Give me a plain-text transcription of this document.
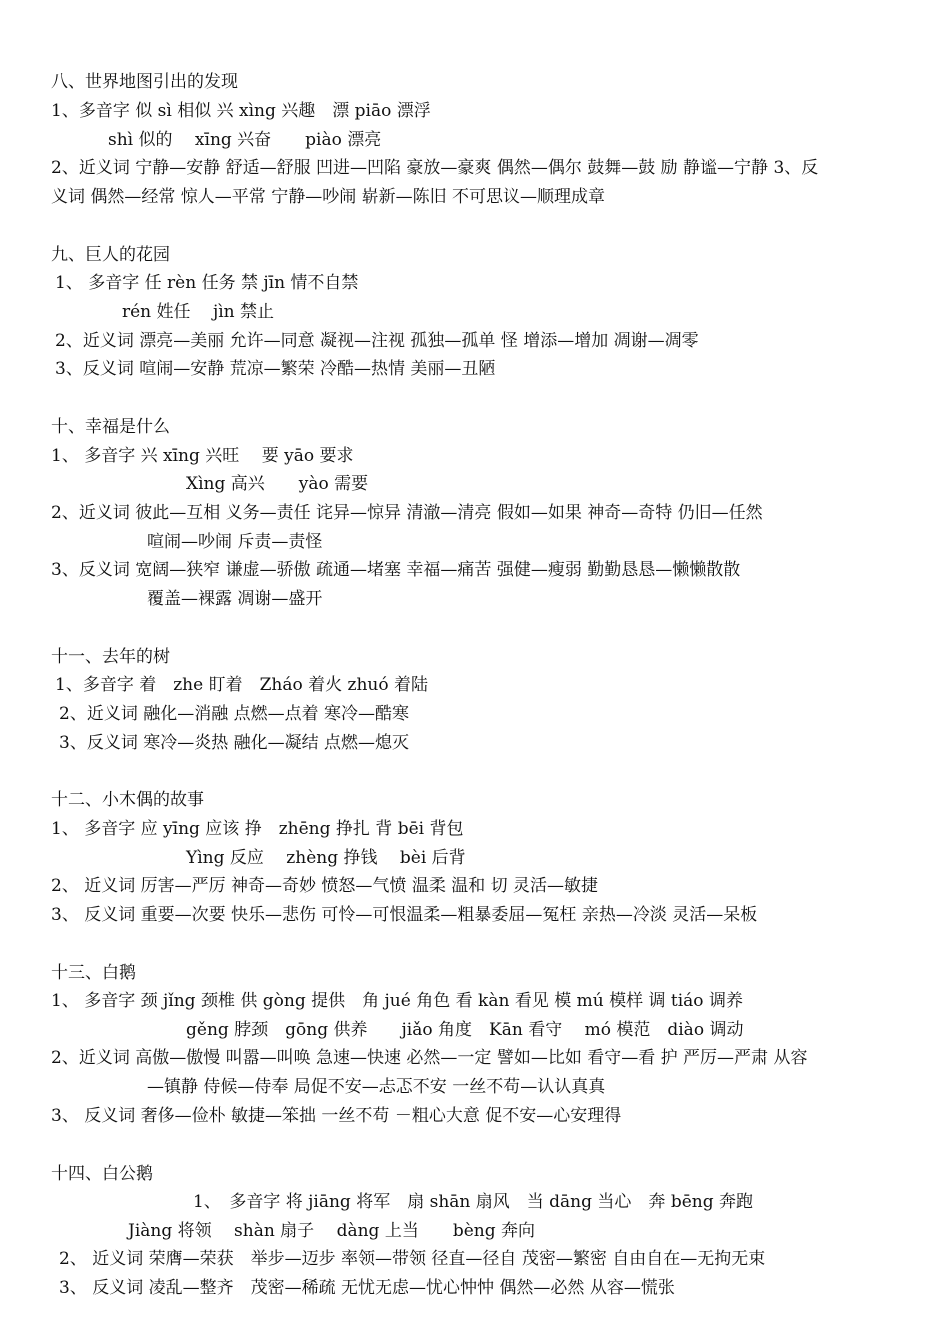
八、世界地图引出的发现

1、多音字 似 sì 相似 兴 xìng 兴趣　漂 piāo 漂浮

shì 似的　 xīng 兴奋　　piào 漂亮

2、近义词 宁静—安静 舒适—舒服 凹进—凹陷 豪放—豪爽 偶然—偶尔 鼓舞—鼓 励 静谧—宁静 3、反

义词 偶然—经常 惊人—平常 宁静—吵闹 崭新—陈旧 不可思议—顺理成章

九、巨人的花园

1、 多音字 任 rèn 任务 禁 jīn 情不自禁

rén 姓任　 jìn 禁止

2、近义词 漂亮—美丽 允许—同意 凝视—注视 孤独—孤单 怪 增添—增加 凋谢—凋零

3、反义词 喧闹—安静 荒凉—繁荣 冷酷—热情 美丽—丑陋

十、幸福是什么

1、 多音字 兴 xīng 兴旺　 要 yāo 要求

Xìng 高兴　　yào 需要

2、近义词 彼此—互相 义务—责任 诧异—惊异 清澈—清亮 假如—如果 神奇—奇特 仍旧—任然

喧闹—吵闹 斥责—责怪

3、反义词 宽阔—狭窄 谦虚—骄傲 疏通—堵塞 幸福—痛苦 强健—瘦弱 勤勤恳恳—懒懒散散

覆盖—裸露 凋谢—盛开

十一、去年的树

1、多音字 着　zhe 盯着　Zháo 着火 zhuó 着陆

2、近义词 融化—消融 点燃—点着 寒冷—酷寒

3、反义词 寒冷—炎热 融化—凝结 点燃—熄灭

十二、小木偶的故事

1、 多音字 应 yīng 应该 挣　zhēng 挣扎 背 bēi 背包

Yìng 反应　 zhèng 挣钱　 bèi 后背

2、 近义词 厉害—严厉 神奇—奇妙 愤怒—气愤 温柔 温和 切 灵活—敏捷

3、 反义词 重要—次要 快乐—悲伤 可怜—可恨温柔—粗暴委屈—冤枉 亲热—冷淡 灵活—呆板

十三、白鹅

1、 多音字 颈 jǐng 颈椎 供 gòng 提供　角 jué 角色 看 kàn 看见 模 mú 模样 调 tiáo 调养

gěng 脖颈　gōng 供养　　jiǎo 角度　Kān 看守　 mó 模范　diào 调动

2、近义词 高傲—傲慢 叫嚣—叫唤 急速—快速 必然—一定 譬如—比如 看守—看 护 严厉—严肃 从容

—镇静 侍候—侍奉 局促不安—忐忑不安 一丝不苟—认认真真

3、 反义词 奢侈—俭朴 敏捷—笨拙 一丝不苟 －粗心大意 促不安—心安理得

十四、白公鹅

1、　多音字 将 jiāng 将军　扇 shān 扇风　当 dāng 当心　奔 bēng 奔跑

Jiàng 将领　 shàn 扇子　 dàng 上当　　bèng 奔向

2、 近义词 荣膺—荣获　举步—迈步 率领—带领 径直—径自 茂密—繁密 自由自在—无拘无束

3、 反义词 凌乱—整齐　茂密—稀疏 无忧无虑—忧心忡忡 偶然—必然 从容—慌张
